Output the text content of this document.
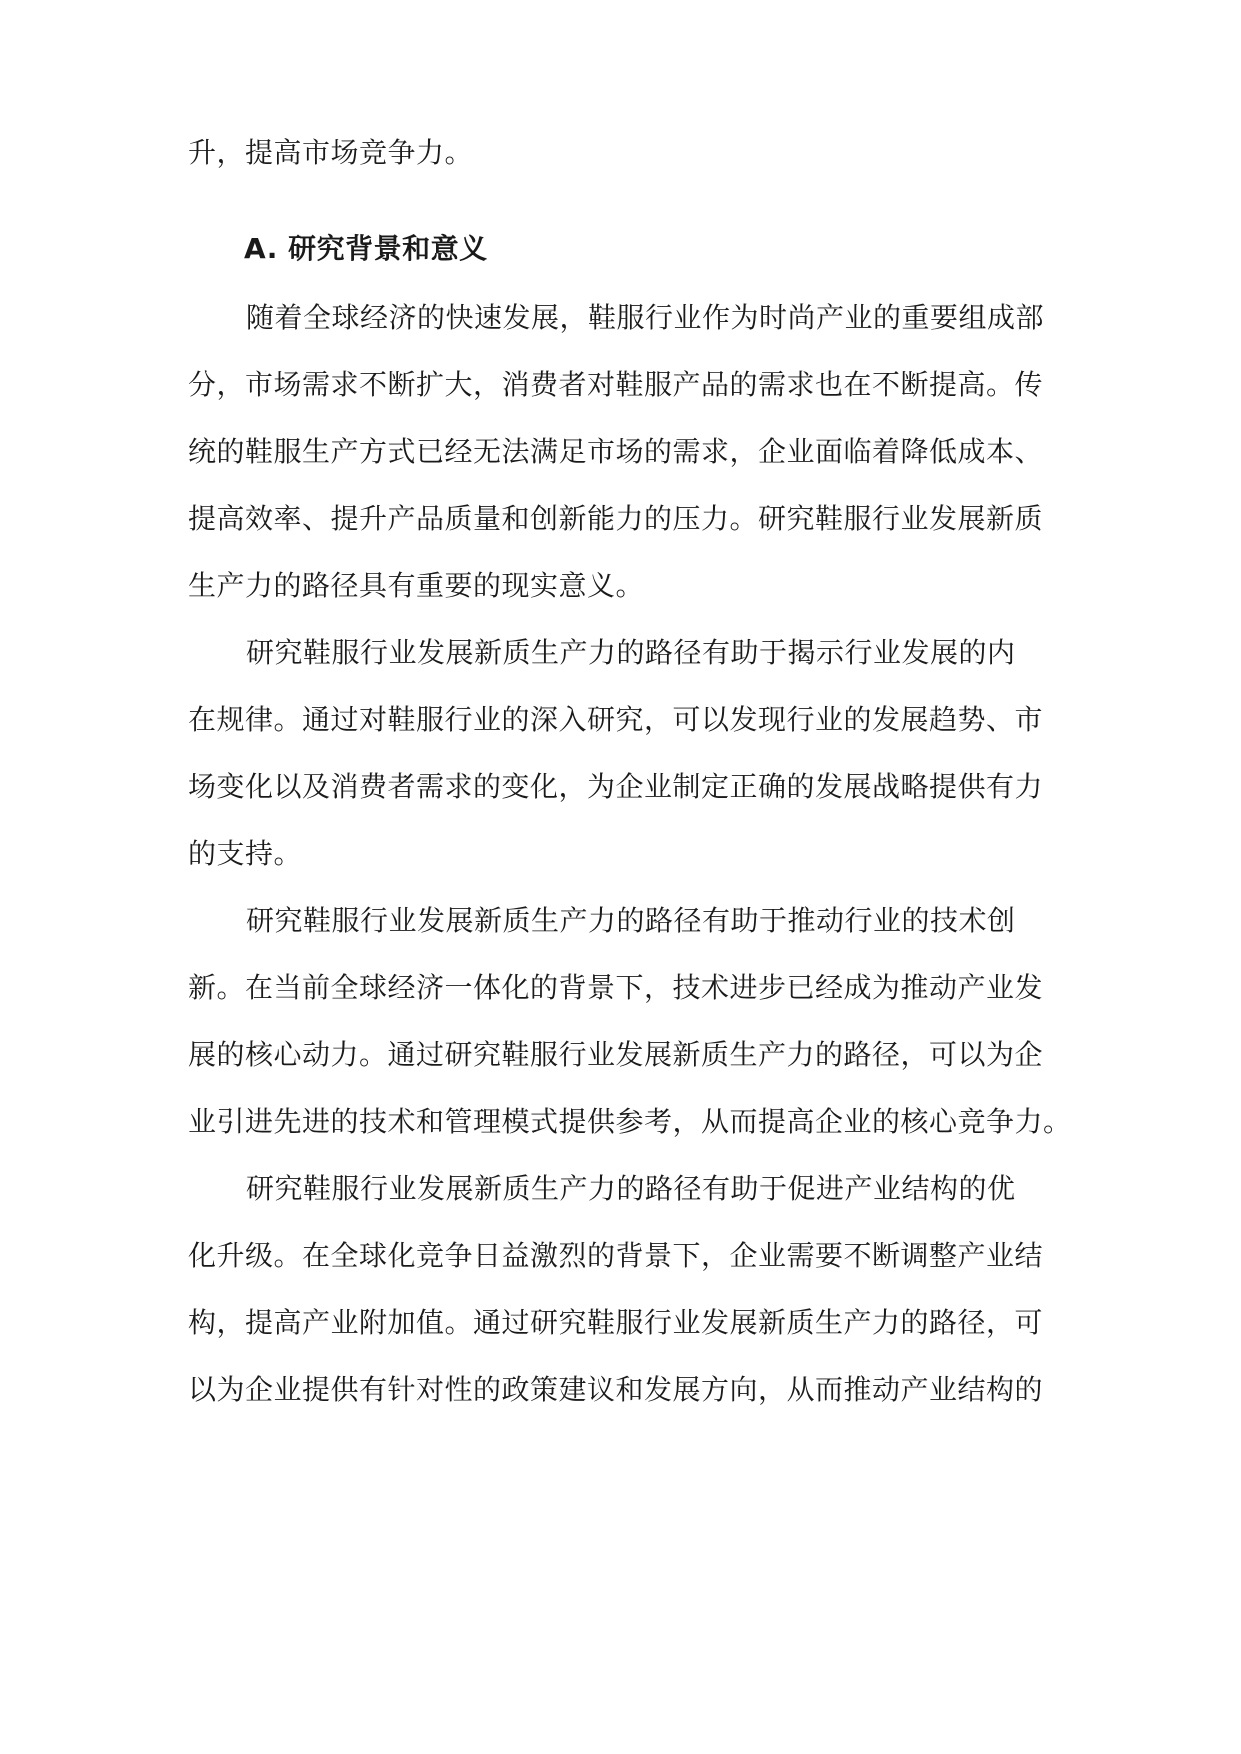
升，提高市场竞争力。
A. 研究背景和意义
随着全球经济的快速发展，鞋服行业作为时尚产业的重要组成部
分，市场需求不断扩大，消费者对鞋服产品的需求也在不断提高。传
统的鞋服生产方式已经无法满足市场的需求，企业面临着降低成本、
提高效率、提升产品质量和创新能力的压力。研究鞋服行业发展新质
生产力的路径具有重要的现实意义。
研究鞋服行业发展新质生产力的路径有助于揭示行业发展的内
在规律。通过对鞋服行业的深入研究，可以发现行业的发展趋势、市
场变化以及消费者需求的变化，为企业制定正确的发展战略提供有力
的支持。
研究鞋服行业发展新质生产力的路径有助于推动行业的技术创
新。在当前全球经济一体化的背景下，技术进步已经成为推动产业发
展的核心动力。通过研究鞋服行业发展新质生产力的路径，可以为企
业引进先进的技术和管理模式提供参考，从而提高企业的核心竞争力。
研究鞋服行业发展新质生产力的路径有助于促进产业结构的优
化升级。在全球化竞争日益激烈的背景下，企业需要不断调整产业结
构，提高产业附加值。通过研究鞋服行业发展新质生产力的路径，可
以为企业提供有针对性的政策建议和发展方向，从而推动产业结构的
